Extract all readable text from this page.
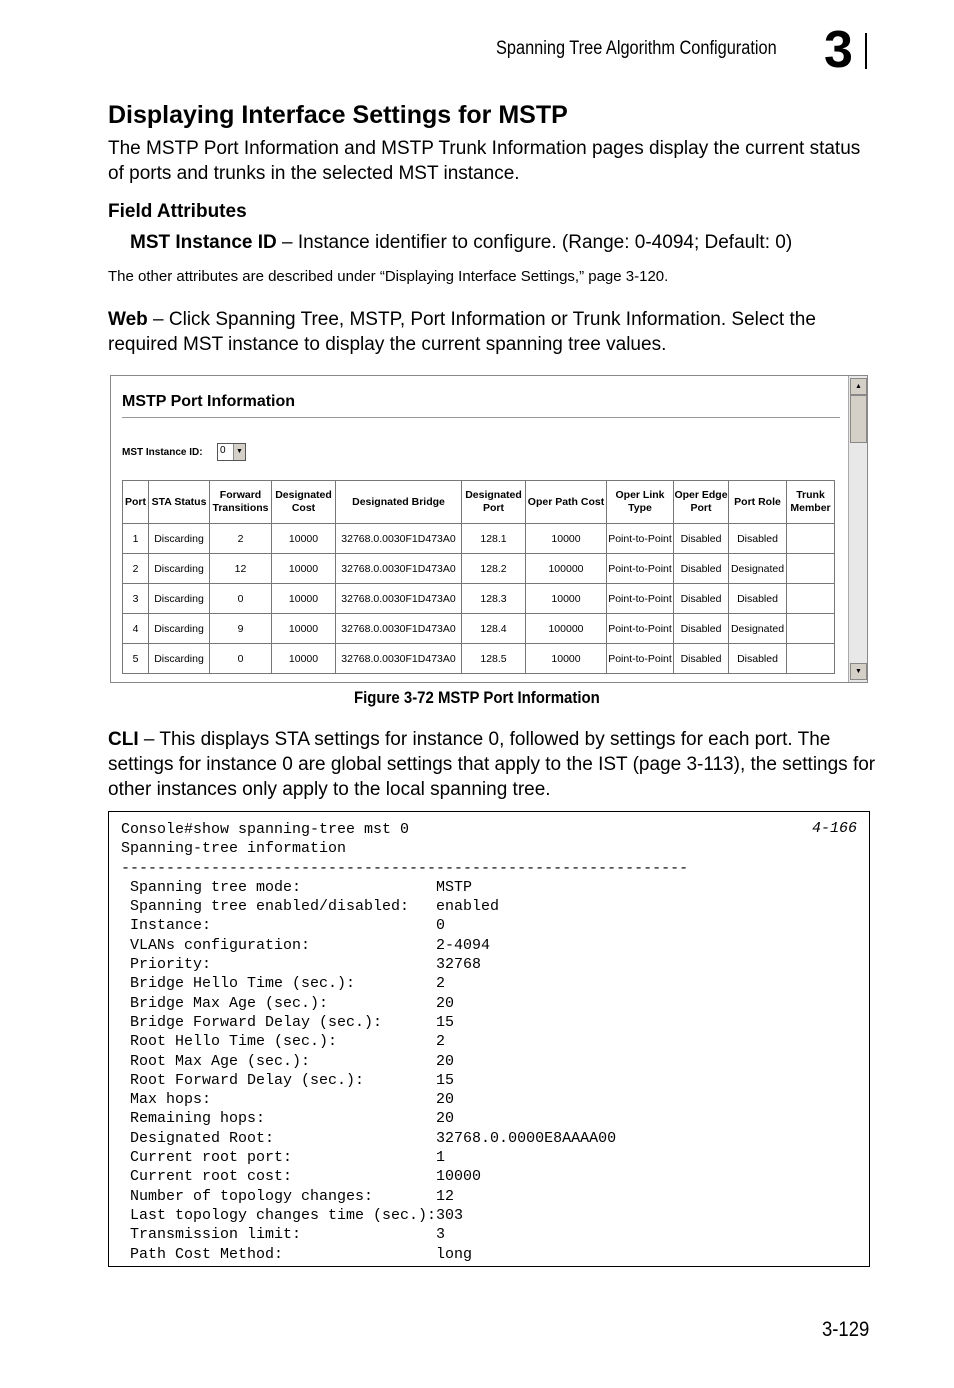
Spanning Tree Algorithm Configuration 3
Displaying Interface Settings for MSTP
The MSTP Port Information and MSTP Trunk Information pages display the current status of ports and trunks in the selected MST instance.
Field Attributes
MST Instance ID – Instance identifier to configure. (Range: 0-4094; Default: 0)
The other attributes are described under “Displaying Interface Settings,” page 3-120.
Web – Click Spanning Tree, MSTP, Port Information or Trunk Information. Select the required MST instance to display the current spanning tree values.
MSTP Port Information
MST Instance ID: 0	▼
Port	STA Status	Forward Transitions	Designated Cost	Designated Bridge	Designated Port	Oper Path Cost	Oper Link Type	Oper Edge Port	Port Role	Trunk Member
1	Discarding	2	10000	32768.0.0030F1D473A0	128.1	10000	Point-to-Point	Disabled	Disabled	
2	Discarding	12	10000	32768.0.0030F1D473A0	128.2	100000	Point-to-Point	Disabled	Designated	
3	Discarding	0	10000	32768.0.0030F1D473A0	128.3	10000	Point-to-Point	Disabled	Disabled	
4	Discarding	9	10000	32768.0.0030F1D473A0	128.4	100000	Point-to-Point	Disabled	Designated	
5	Discarding	0	10000	32768.0.0030F1D473A0	128.5	10000	Point-to-Point	Disabled	Disabled	
▲
▼
Figure 3-72 MSTP Port Information
CLI – This displays STA settings for instance 0, followed by settings for each port. The settings for instance 0 are global settings that apply to the IST (page 3-113), the settings for other instances only apply to the local spanning tree.
Console#show spanning-tree mst 0
Spanning-tree information
---------------------------------------------------------------
Spanning tree mode:               MSTP
Spanning tree enabled/disabled:   enabled
Instance:                         0
VLANs configuration:              2-4094
Priority:                         32768
Bridge Hello Time (sec.):         2
Bridge Max Age (sec.):            20
Bridge Forward Delay (sec.):      15
Root Hello Time (sec.):           2
Root Max Age (sec.):              20
Root Forward Delay (sec.):        15
Max hops:                         20
Remaining hops:                   20
Designated Root:                  32768.0.0000E8AAAA00
Current root port:                1
Current root cost:                10000
Number of topology changes:       12
Last topology changes time (sec.):303
Transmission limit:               3
Path Cost Method:                 long
4-166
3-129
